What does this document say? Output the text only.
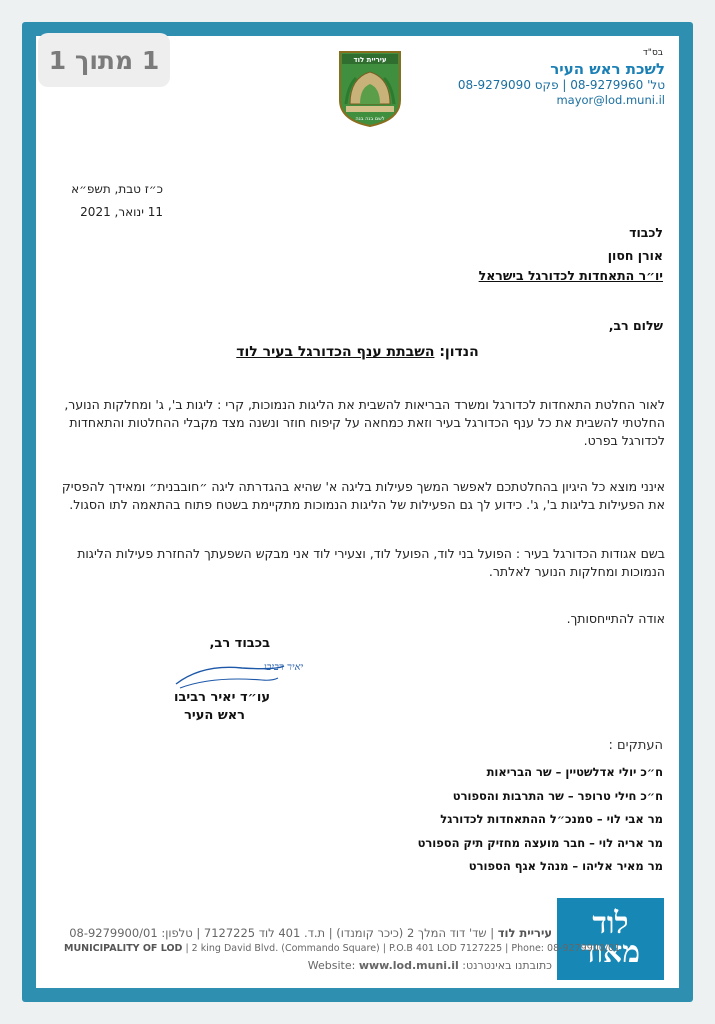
1 מתוך 1	בס"ד
לשכת ראש העיר
טל' 08-9279960 | פקס 08-9279090
mayor@lod.muni.il
עיריית לוד
לשם בנה בנה
כ״ז טבת, תשפ״א
11 ינואר, 2021
לכבוד
אורן חסון
יו״ר התאחדות לכדורגל בישראל
שלום רב,
הנדון: השבתת ענף הכדורגל בעיר לוד
לאור החלטת התאחדות לכדורגל ומשרד הבריאות להשבית את הליגות הנמוכות, קרי : ליגות ב', ג' ומחלקות הנוער, החלטתי להשבית את כל ענף הכדורגל בעיר וזאת כמחאה על קיפוח חוזר ונשנה מצד מקבלי ההחלטות והתאחדות לכדורגל בפרט.
אינני מוצא כל היגיון בהחלטתכם לאפשר המשך פעילות בליגה א' שהיא בהגדרתה ליגה ״חובבנית״ ומאידך להפסיק את הפעילות בליגות ב', ג'. כידוע לך גם הפעילות של הליגות הנמוכות מתקיימת בשטח פתוח בהתאמה לתו הסגול.
בשם אגודות הכדורגל בעיר : הפועל בני לוד, הפועל לוד, וצעירי לוד אני מבקש השפעתך להחזרת פעילות הליגות הנמוכות ומחלקות הנוער לאלתר.
אודה להתייחסותך.
בכבוד רב,
יאיר רביבו
עו״ד יאיר רביבו
ראש העיר
העתקים :
ח״כ יולי אדלשטיין – שר הבריאות
ח״כ חילי טרופר – שר התרבות והספורט
מר אבי לוי – סמנכ״ל ההתאחדות לכדורגל
מר אריה לוי – חבר מועצה מחזיק תיק הספורט
מר מאיר אליהו – מנהל אגף הספורט
לוד
מאוד
עיריית לוד | שד' דוד המלך 2 (כיכר קומנדו) | ת.ד. 401 לוד 7127225 | טלפון: 08-9279900/01
MUNICIPALITY OF LOD | 2 king David Blvd. (Commando Square) | P.O.B 401 LOD 7127225 | Phone: 08-9279900/01
כתובתנו באינטרנט: Website: www.lod.muni.il
